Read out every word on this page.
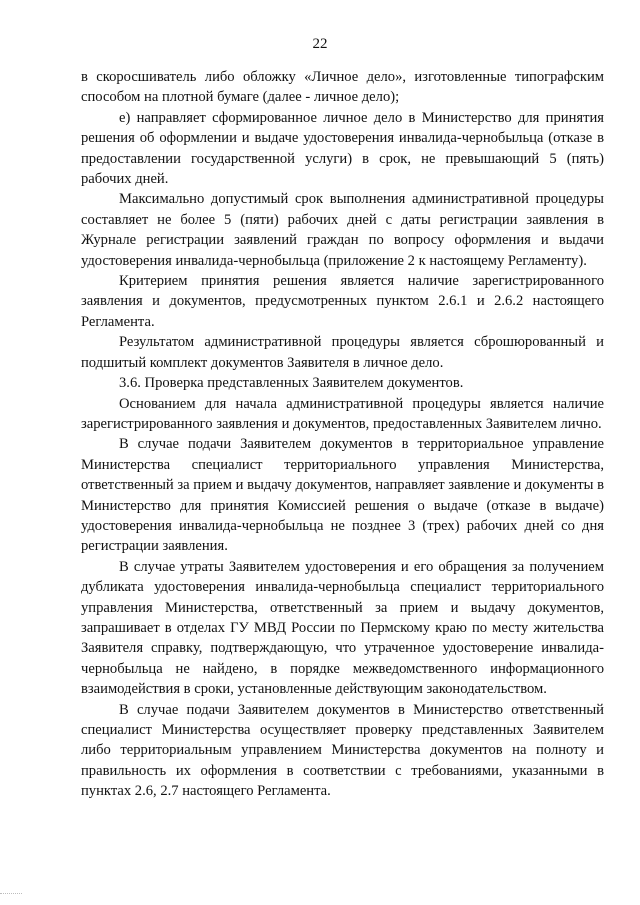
22

в скоросшиватель либо обложку «Личное дело», изготовленные типографским способом на плотной бумаге (далее - личное дело);

е) направляет сформированное личное дело в Министерство для принятия решения об оформлении и выдаче удостоверения инвалида-чернобыльца (отказе в предоставлении государственной услуги) в срок, не превышающий 5 (пять) рабочих дней.

Максимально допустимый срок выполнения административной процедуры составляет не более 5 (пяти) рабочих дней с даты регистрации заявления в Журнале регистрации заявлений граждан по вопросу оформления и выдачи удостоверения инвалида-чернобыльца (приложение 2 к настоящему Регламенту).

Критерием принятия решения является наличие зарегистрированного заявления и документов, предусмотренных пунктом 2.6.1 и 2.6.2 настоящего Регламента.

Результатом административной процедуры является сброшюрованный и подшитый комплект документов Заявителя в личное дело.

3.6. Проверка представленных Заявителем документов.

Основанием для начала административной процедуры является наличие зарегистрированного заявления и документов, предоставленных Заявителем лично.

В случае подачи Заявителем документов в территориальное управление Министерства специалист территориального управления Министерства, ответственный за прием и выдачу документов, направляет заявление и документы в Министерство для принятия Комиссией решения о выдаче (отказе в выдаче) удостоверения инвалида-чернобыльца не позднее 3 (трех) рабочих дней со дня регистрации заявления.

В случае утраты Заявителем удостоверения и его обращения за получением дубликата удостоверения инвалида-чернобыльца специалист территориального управления Министерства, ответственный за прием и выдачу документов, запрашивает в отделах ГУ МВД России по Пермскому краю по месту жительства Заявителя справку, подтверждающую, что утраченное удостоверение инвалида-чернобыльца не найдено, в порядке межведомственного информационного взаимодействия в сроки, установленные действующим законодательством.

В случае подачи Заявителем документов в Министерство ответственный специалист Министерства осуществляет проверку представленных Заявителем либо территориальным управлением Министерства документов на полноту и правильность их оформления в соответствии с требованиями, указанными в пунктах 2.6, 2.7 настоящего Регламента.
